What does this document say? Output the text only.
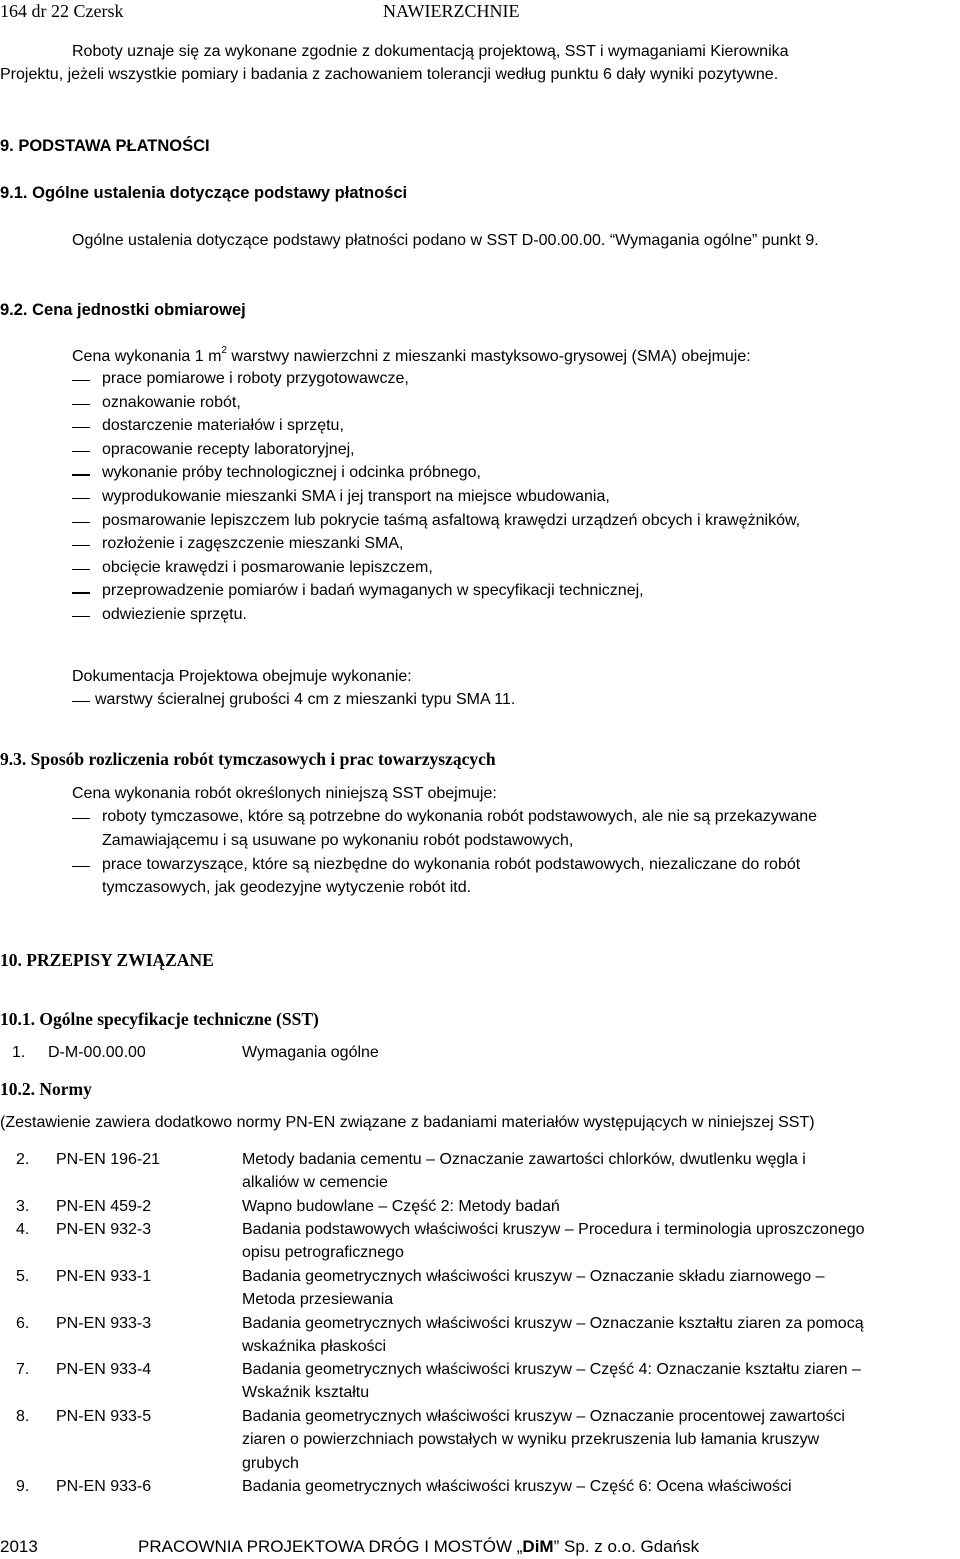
164 dr 22 Czersk	NAWIERZCHNIE
Roboty uznaje się za wykonane zgodnie z dokumentacją projektową, SST i wymaganiami Kierownika
Projektu, jeżeli wszystkie pomiary i badania z zachowaniem tolerancji według punktu 6 dały wyniki pozytywne.
9. PODSTAWA PŁATNOŚCI
9.1. Ogólne ustalenia dotyczące podstawy płatności
Ogólne ustalenia dotyczące podstawy płatności podano w SST D-00.00.00. “Wymagania ogólne” punkt 9.
9.2. Cena jednostki obmiarowej
Cena wykonania 1 $m^2$ warstwy nawierzchni z mieszanki mastyksowo-grysowej (SMA) obejmuje:
prace pomiarowe i roboty przygotowawcze,
oznakowanie robót,
dostarczenie materiałów i sprzętu,
opracowanie recepty laboratoryjnej,
wykonanie próby technologicznej i odcinka próbnego,
wyprodukowanie mieszanki SMA i jej transport na miejsce wbudowania,
posmarowanie lepiszczem lub pokrycie taśmą asfaltową krawędzi urządzeń obcych i krawężników,
rozłożenie i zagęszczenie mieszanki SMA,
obcięcie krawędzi i posmarowanie lepiszczem,
przeprowadzenie pomiarów i badań wymaganych w specyfikacji technicznej,
odwiezienie sprzętu.
Dokumentacja Projektowa obejmuje wykonanie:
warstwy ścieralnej grubości 4 cm z mieszanki typu SMA 11.
9.3. Sposób rozliczenia robót tymczasowych i prac towarzyszących
Cena wykonania robót określonych niniejszą SST obejmuje:
roboty tymczasowe, które są potrzebne do wykonania robót podstawowych, ale nie są przekazywane
Zamawiającemu i są usuwane po wykonaniu robót podstawowych,
prace towarzyszące, które są niezbędne do wykonania robót podstawowych, niezaliczane do robót
tymczasowych, jak geodezyjne wytyczenie robót itd.
10. PRZEPISY ZWIĄZANE
10.1. Ogólne specyfikacje techniczne (SST)
1. D-M-00.00.00	Wymagania ogólne
10.2. Normy
(Zestawienie zawiera dodatkowo normy PN-EN związane z badaniami materiałów występujących w niniejszej SST)
2. PN-EN 196-21	Metody badania cementu – Oznaczanie zawartości chlorków, dwutlenku węgla i
alkaliów w cemencie
3. PN-EN 459-2	Wapno budowlane – Część 2: Metody badań
4. PN-EN 932-3	Badania podstawowych właściwości kruszyw – Procedura i terminologia uproszczonego
opisu petrograficznego
5. PN-EN 933-1	Badania geometrycznych właściwości kruszyw – Oznaczanie składu ziarnowego –
Metoda przesiewania
6. PN-EN 933-3	Badania geometrycznych właściwości kruszyw – Oznaczanie kształtu ziaren za pomocą
wskaźnika płaskości
7. PN-EN 933-4	Badania geometrycznych właściwości kruszyw – Część 4: Oznaczanie kształtu ziaren –
Wskaźnik kształtu
8. PN-EN 933-5	Badania geometrycznych właściwości kruszyw – Oznaczanie procentowej zawartości
ziaren o powierzchniach powstałych w wyniku przekruszenia lub łamania kruszyw
grubych
9. PN-EN 933-6	Badania geometrycznych właściwości kruszyw – Część 6: Ocena właściwości
2013	PRACOWNIA PROJEKTOWA DRÓG I MOSTÓW „DiM” Sp. z o.o. Gdańsk
